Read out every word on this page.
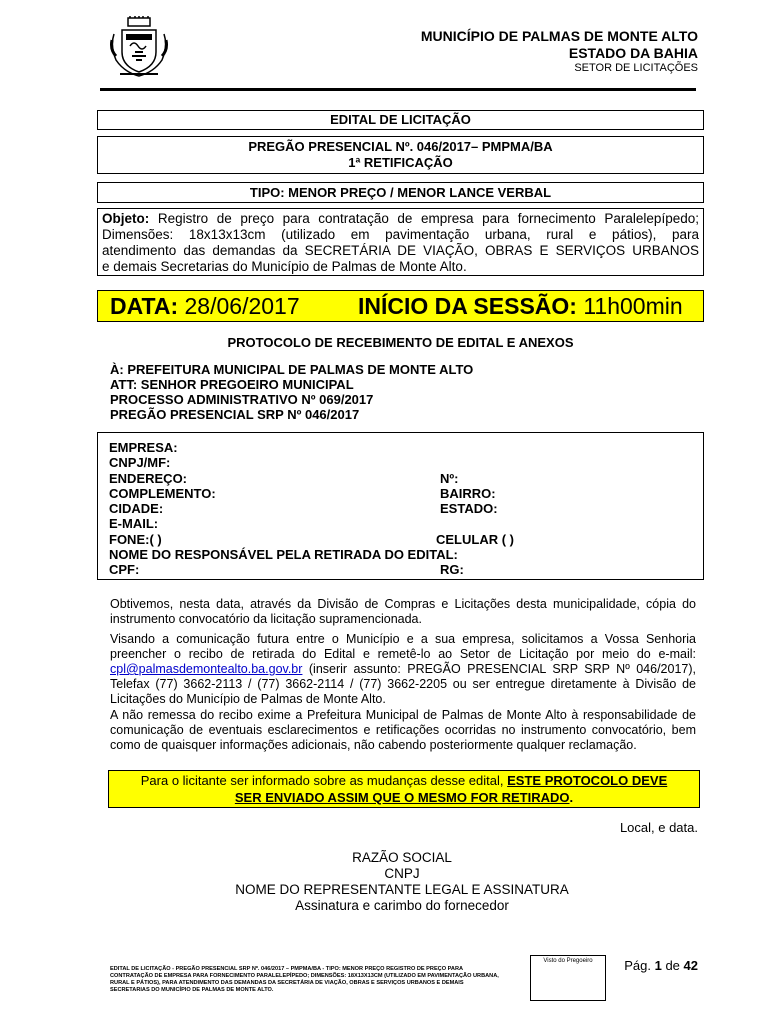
MUNICÍPIO DE PALMAS DE MONTE ALTO
ESTADO DA BAHIA
SETOR DE LICITAÇÕES
EDITAL DE LICITAÇÃO
PREGÃO PRESENCIAL Nº. 046/2017– PMPMA/BA
1ª RETIFICAÇÃO
TIPO: MENOR PREÇO / MENOR LANCE VERBAL
Objeto: Registro de preço para contratação de empresa para fornecimento Paralelepípedo;
Dimensões: 18x13x13cm (utilizado em pavimentação urbana, rural e pátios), para
atendimento das demandas da SECRETÁRIA DE VIAÇÃO, OBRAS E SERVIÇOS URBANOS
e demais Secretarias do Município de Palmas de Monte Alto.
DATA: 28/06/2017	INÍCIO DA SESSÃO: 11h00min
PROTOCOLO DE RECEBIMENTO DE EDITAL E ANEXOS
À: PREFEITURA MUNICIPAL DE PALMAS DE MONTE ALTO
ATT: SENHOR PREGOEIRO MUNICIPAL
PROCESSO ADMINISTRATIVO Nº 069/2017
PREGÃO PRESENCIAL SRP Nº 046/2017
EMPRESA:
CNPJ/MF:
ENDEREÇO:	Nº:
COMPLEMENTO:	BAIRRO:
CIDADE:	ESTADO:
E-MAIL:
FONE:( )	CELULAR ( )
NOME DO RESPONSÁVEL PELA RETIRADA DO EDITAL:
CPF:	RG:
Obtivemos, nesta data, através da Divisão de Compras e Licitações desta municipalidade, cópia do instrumento convocatório da licitação supramencionada.
Visando a comunicação futura entre o Município e a sua empresa, solicitamos a Vossa Senhoria preencher o recibo de retirada do Edital e remetê-lo ao Setor de Licitação por meio do e-mail: cpl@palmasdemontealto.ba.gov.br (inserir assunto: PREGÃO PRESENCIAL SRP SRP Nº 046/2017), Telefax (77) 3662-2113 / (77) 3662-2114 / (77) 3662-2205 ou ser entregue diretamente à Divisão de Licitações do Município de Palmas de Monte Alto.
A não remessa do recibo exime a Prefeitura Municipal de Palmas de Monte Alto à responsabilidade de comunicação de eventuais esclarecimentos e retificações ocorridas no instrumento convocatório, bem como de quaisquer informações adicionais, não cabendo posteriormente qualquer reclamação.
Para o licitante ser informado sobre as mudanças desse edital, ESTE PROTOCOLO DEVE
SER ENVIADO ASSIM QUE O MESMO FOR RETIRADO.
Local, e data.
RAZÃO SOCIAL
CNPJ
NOME DO REPRESENTANTE LEGAL E ASSINATURA
Assinatura e carimbo do fornecedor
EDITAL DE LICITAÇÃO - PREGÃO PRESENCIAL SRP Nº. 046/2017 – PMPMA/BA - TIPO: MENOR PREÇO REGISTRO DE PREÇO PARA CONTRATAÇÃO DE EMPRESA PARA FORNECIMENTO PARALELEPÍPEDO; DIMENSÕES: 18X13X13CM (UTILIZADO EM PAVIMENTAÇÃO URBANA, RURAL E PÁTIOS), PARA ATENDIMENTO DAS DEMANDAS DA SECRETÁRIA DE VIAÇÃO, OBRAS E SERVIÇOS URBANOS E DEMAIS SECRETARIAS DO MUNICÍPIO DE PALMAS DE MONTE ALTO.
Visto do Pregoeiro	Pág. 1 de 42
